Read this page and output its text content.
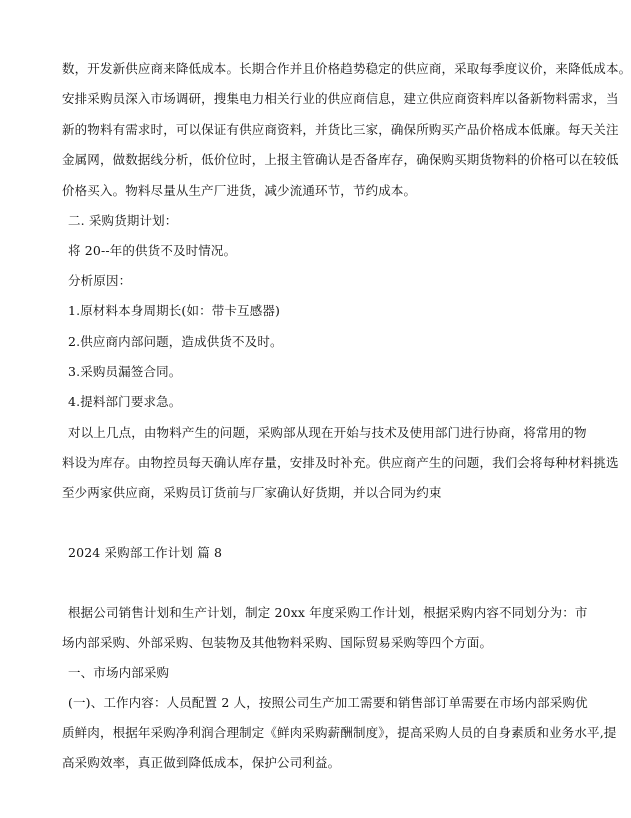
数，开发新供应商来降低成本。长期合作并且价格趋势稳定的供应商，采取每季度议价，来降低成本。
安排采购员深入市场调研，搜集电力相关行业的供应商信息，建立供应商资料库以备新物料需求，当
新的物料有需求时，可以保证有供应商资料，并货比三家，确保所购买产品价格成本低廉。每天关注
金属网，做数据线分析，低价位时，上报主管确认是否备库存，确保购买期货物料的价格可以在较低
价格买入。物料尽量从生产厂进货，减少流通环节，节约成本。
二. 采购货期计划：
将 20--年的供货不及时情况。
分析原因：
1.原材料本身周期长(如：带卡互感器)
2.供应商内部问题，造成供货不及时。
3.采购员漏签合同。
4.提料部门要求急。
对以上几点，由物料产生的问题，采购部从现在开始与技术及使用部门进行协商，将常用的物
料设为库存。由物控员每天确认库存量，安排及时补充。供应商产生的问题，我们会将每种材料挑选
至少两家供应商，采购员订货前与厂家确认好货期，并以合同为约束
2024 采购部工作计划 篇 8
根据公司销售计划和生产计划，制定 20xx 年度采购工作计划，根据采购内容不同划分为：市
场内部采购、外部采购、包装物及其他物料采购、国际贸易采购等四个方面。
一、市场内部采购
(一)、工作内容：人员配置 2 人，按照公司生产加工需要和销售部订单需要在市场内部采购优
质鲜肉，根据年采购净利润合理制定《鲜肉采购薪酬制度》，提高采购人员的自身素质和业务水平,提
高采购效率，真正做到降低成本，保护公司利益。
